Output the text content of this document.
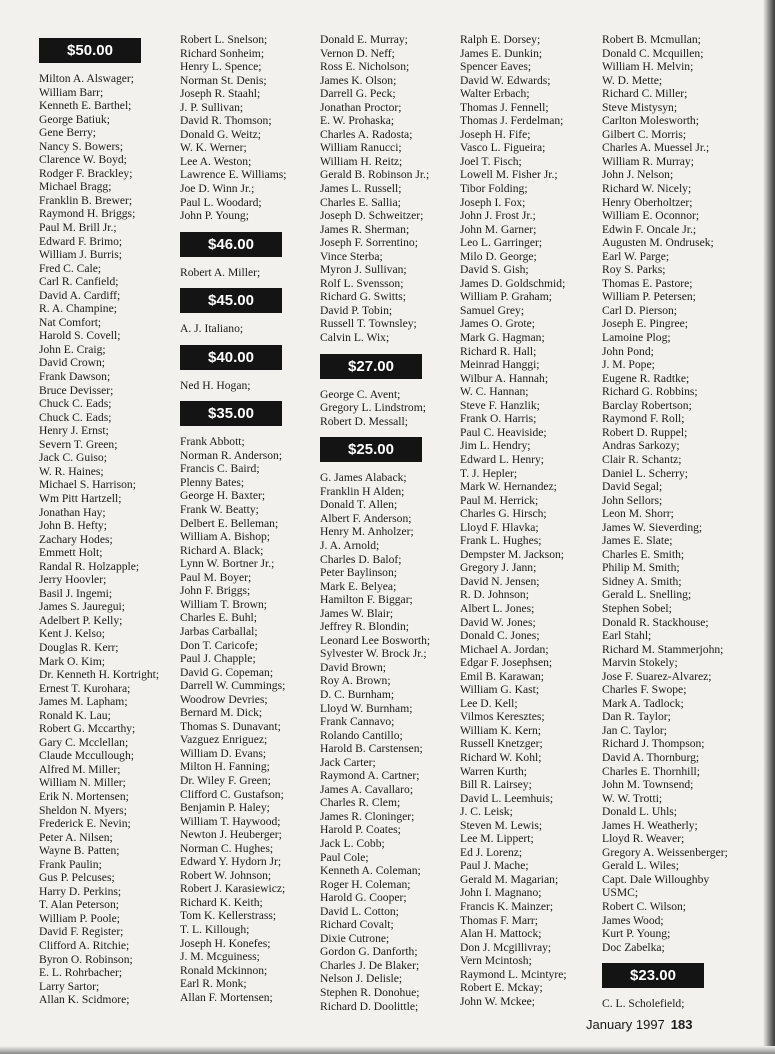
$50.00
Milton A. Alswager;
William Barr;
Kenneth E. Barthel;
George Batiuk;
Gene Berry;
Nancy S. Bowers;
Clarence W. Boyd;
Rodger F. Brackley;
Michael Bragg;
Franklin B. Brewer;
Raymond H. Briggs;
Paul M. Brill Jr.;
Edward F. Brimo;
William J. Burris;
Fred C. Cale;
Carl R. Canfield;
David A. Cardiff;
R. A. Champine;
Nat Comfort;
Harold S. Covell;
John E. Craig;
David Crown;
Frank Dawson;
Bruce Devisser;
Chuck C. Eads;
Chuck C. Eads;
Henry J. Ernst;
Severn T. Green;
Jack C. Guiso;
W. R. Haines;
Michael S. Harrison;
Wm Pitt Hartzell;
Jonathan Hay;
John B. Hefty;
Zachary Hodes;
Emmett Holt;
Randal R. Holzapple;
Jerry Hoovler;
Basil J. Ingemi;
James S. Jauregui;
Adelbert P. Kelly;
Kent J. Kelso;
Douglas R. Kerr;
Mark O. Kim;
Dr. Kenneth H. Kortright;
Ernest T. Kurohara;
James M. Lapham;
Ronald K. Lau;
Robert G. Mccarthy;
Gary C. Mcclellan;
Claude Mccullough;
Alfred M. Miller;
William N. Miller;
Erik N. Mortensen;
Sheldon N. Myers;
Frederick E. Nevin;
Peter A. Nilsen;
Wayne B. Patten;
Frank Paulin;
Gus P. Pelcuses;
Harry D. Perkins;
T. Alan Peterson;
William P. Poole;
David F. Register;
Clifford A. Ritchie;
Byron O. Robinson;
E. L. Rohrbacher;
Larry Sartor;
Allan K. Scidmore;
Robert L. Snelson;
Richard Sonheim;
Henry L. Spence;
Norman St. Denis;
Joseph R. Staahl;
J. P. Sullivan;
David R. Thomson;
Donald G. Weitz;
W. K. Werner;
Lee A. Weston;
Lawrence E. Williams;
Joe D. Winn Jr.;
Paul L. Woodard;
John P. Young;
$46.00
Robert A. Miller;
$45.00
A. J. Italiano;
$40.00
Ned H. Hogan;
$35.00
Frank Abbott;
Norman R. Anderson;
Francis C. Baird;
Plenny Bates;
George H. Baxter;
Frank W. Beatty;
Delbert E. Belleman;
William A. Bishop;
Richard A. Black;
Lynn W. Bortner Jr.;
Paul M. Boyer;
John F. Briggs;
William T. Brown;
Charles E. Buhl;
Jarbas Carballal;
Don T. Caricofe;
Paul J. Chapple;
David G. Copeman;
Darrell W. Cummings;
Woodrow Devries;
Bernard M. Dick;
Thomas S. Dunavant;
Vazguez Enriguez;
William D. Evans;
Milton H. Fanning;
Dr. Wiley F. Green;
Clifford C. Gustafson;
Benjamin P. Haley;
William T. Haywood;
Newton J. Heuberger;
Norman C. Hughes;
Edward Y. Hydorn Jr;
Robert W. Johnson;
Robert J. Karasiewicz;
Richard K. Keith;
Tom K. Kellerstrass;
T. L. Killough;
Joseph H. Konefes;
J. M. Mcguiness;
Ronald Mckinnon;
Earl R. Monk;
Allan F. Mortensen;
Donald E. Murray;
Vernon D. Neff;
Ross E. Nicholson;
James K. Olson;
Darrell G. Peck;
Jonathan Proctor;
E. W. Prohaska;
Charles A. Radosta;
William Ranucci;
William H. Reitz;
Gerald B. Robinson Jr.;
James L. Russell;
Charles E. Sallia;
Joseph D. Schweitzer;
James R. Sherman;
Joseph F. Sorrentino;
Vince Sterba;
Myron J. Sullivan;
Rolf L. Svensson;
Richard G. Switts;
David P. Tobin;
Russell T. Townsley;
Calvin L. Wix;
$27.00
George C. Avent;
Gregory L. Lindstrom;
Robert D. Messall;
$25.00
G. James Alaback;
Franklin H Alden;
Donald T. Allen;
Albert F. Anderson;
Henry M. Anholzer;
J. A. Arnold;
Charles D. Balof;
Peter Baylinson;
Mark E. Belyea;
Hamilton F. Biggar;
James W. Blair;
Jeffrey R. Blondin;
Leonard Lee Bosworth;
Sylvester W. Brock Jr.;
David Brown;
Roy A. Brown;
D. C. Burnham;
Lloyd W. Burnham;
Frank Cannavo;
Rolando Cantillo;
Harold B. Carstensen;
Jack Carter;
Raymond A. Cartner;
James A. Cavallaro;
Charles R. Clem;
James R. Cloninger;
Harold P. Coates;
Jack L. Cobb;
Paul Cole;
Kenneth A. Coleman;
Roger H. Coleman;
Harold G. Cooper;
David L. Cotton;
Richard Covalt;
Dixie Cutrone;
Gordon G. Danforth;
Charles J. De Blaker;
Nelson J. Delisle;
Stephen R. Donohue;
Richard D. Doolittle;
Ralph E. Dorsey;
James E. Dunkin;
Spencer Eaves;
David W. Edwards;
Walter Erbach;
Thomas J. Fennell;
Thomas J. Ferdelman;
Joseph H. Fife;
Vasco L. Figueira;
Joel T. Fisch;
Lowell M. Fisher Jr.;
Tibor Folding;
Joseph I. Fox;
John J. Frost Jr.;
John M. Garner;
Leo L. Garringer;
Milo D. George;
David S. Gish;
James D. Goldschmid;
William P. Graham;
Samuel Grey;
James O. Grote;
Mark G. Hagman;
Richard R. Hall;
Meinrad Hanggi;
Wilbur A. Hannah;
W. C. Hannan;
Steve F. Hanzlik;
Frank O. Harris;
Paul C. Heaviside;
Jim L. Hendry;
Edward L. Henry;
T. J. Hepler;
Mark W. Hernandez;
Paul M. Herrick;
Charles G. Hirsch;
Lloyd F. Hlavka;
Frank L. Hughes;
Dempster M. Jackson;
Gregory J. Jann;
David N. Jensen;
R. D. Johnson;
Albert L. Jones;
David W. Jones;
Donald C. Jones;
Michael A. Jordan;
Edgar F. Josephsen;
Emil B. Karawan;
William G. Kast;
Lee D. Kell;
Vilmos Keresztes;
William K. Kern;
Russell Knetzger;
Richard W. Kohl;
Warren Kurth;
Bill R. Lairsey;
David L. Leemhuis;
J. C. Leisk;
Steven M. Lewis;
Lee M. Lippert;
Ed J. Lorenz;
Paul J. Mache;
Gerald M. Magarian;
John I. Magnano;
Francis K. Mainzer;
Thomas F. Marr;
Alan H. Mattock;
Don J. Mcgillivray;
Vern Mcintosh;
Raymond L. Mcintyre;
Robert E. Mckay;
John W. Mckee;
Robert B. Mcmullan;
Donald C. Mcquillen;
William H. Melvin;
W. D. Mette;
Richard C. Miller;
Steve Mistysyn;
Carlton Molesworth;
Gilbert C. Morris;
Charles A. Muessel Jr.;
William R. Murray;
John J. Nelson;
Richard W. Nicely;
Henry Oberholtzer;
William E. Oconnor;
Edwin F. Oncale Jr.;
Augusten M. Ondrusek;
Earl W. Parge;
Roy S. Parks;
Thomas E. Pastore;
William P. Petersen;
Carl D. Pierson;
Joseph E. Pingree;
Lamoine Plog;
John Pond;
J. M. Pope;
Eugene R. Radtke;
Richard G. Robbins;
Barclay Robertson;
Raymond F. Roll;
Robert D. Ruppel;
Andras Sarkozy;
Clair R. Schantz;
Daniel L. Scherry;
David Segal;
John Sellors;
Leon M. Shorr;
James W. Sieverding;
James E. Slate;
Charles E. Smith;
Philip M. Smith;
Sidney A. Smith;
Gerald L. Snelling;
Stephen Sobel;
Donald R. Stackhouse;
Earl Stahl;
Richard M. Stammerjohn;
Marvin Stokely;
Jose F. Suarez-Alvarez;
Charles F. Swope;
Mark A. Tadlock;
Dan R. Taylor;
Jan C. Taylor;
Richard J. Thompson;
David A. Thornburg;
Charles E. Thornhill;
John M. Townsend;
W. W. Trotti;
Donald L. Uhls;
James H. Weatherly;
Lloyd R. Weaver;
Gregory A. Weissenberger;
Gerald L. Wiles;
Capt. Dale Willoughby
USMC;
Robert C. Wilson;
James Wood;
Kurt P. Young;
Doc Zabelka;
$23.00
C. L. Scholefield;
January 1997 183
